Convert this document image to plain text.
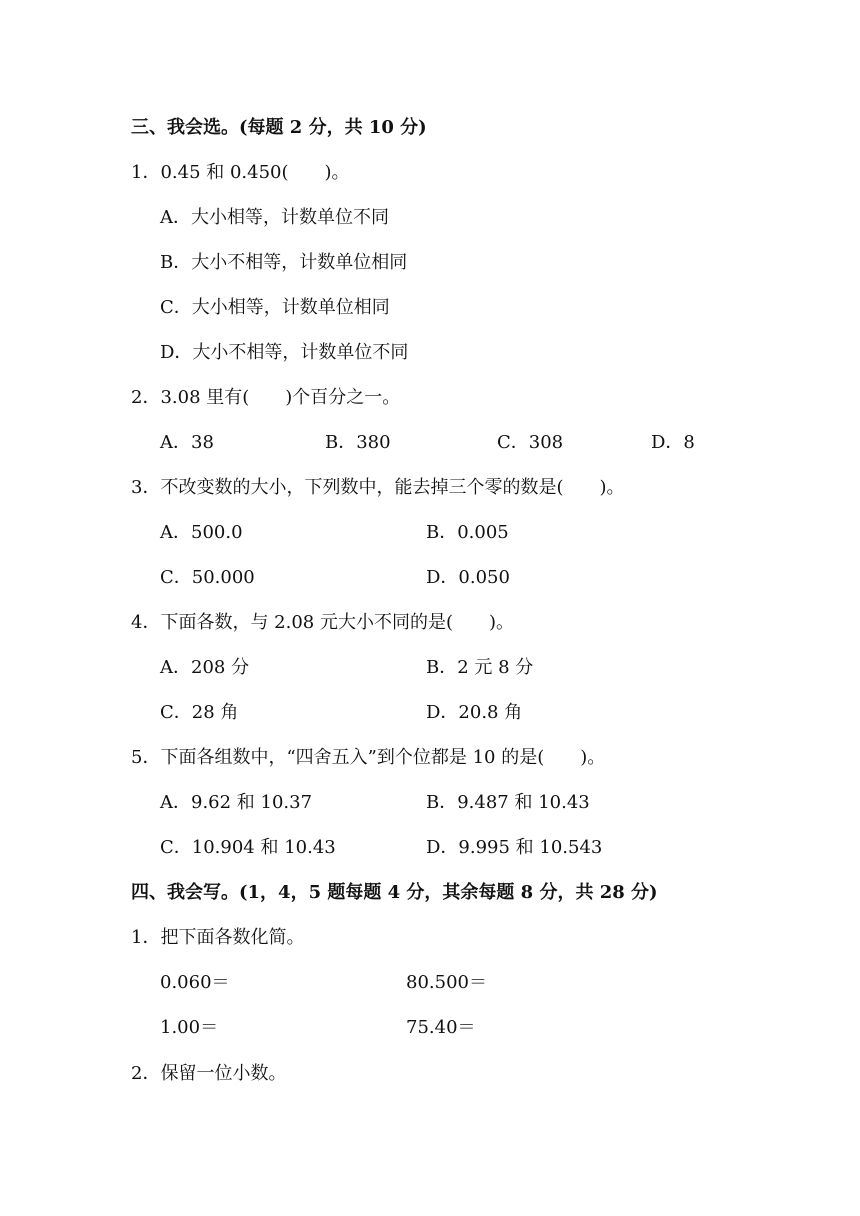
三、我会选。(每题 2 分，共 10 分)
1．0.45 和 0.450(　　)。
A．大小相等，计数单位不同
B．大小不相等，计数单位相同
C．大小相等，计数单位相同
D．大小不相等，计数单位不同
2．3.08 里有(　　)个百分之一。
A．38	B．380	C．308	D．8
3．不改变数的大小，下列数中，能去掉三个零的数是(　　)。
A．500.0	B．0.005
C．50.000	D．0.050
4．下面各数，与 2.08 元大小不同的是(　　)。
A．208 分	B．2 元 8 分
C．28 角	D．20.8 角
5．下面各组数中，“四舍五入”到个位都是 10 的是(　　)。
A．9.62 和 10.37	B．9.487 和 10.43
C．10.904 和 10.43	D．9.995 和 10.543
四、我会写。(1，4，5 题每题 4 分，其余每题 8 分，共 28 分)
1．把下面各数化简。
0.060＝	80.500＝
1.00＝	75.40＝
2．保留一位小数。
